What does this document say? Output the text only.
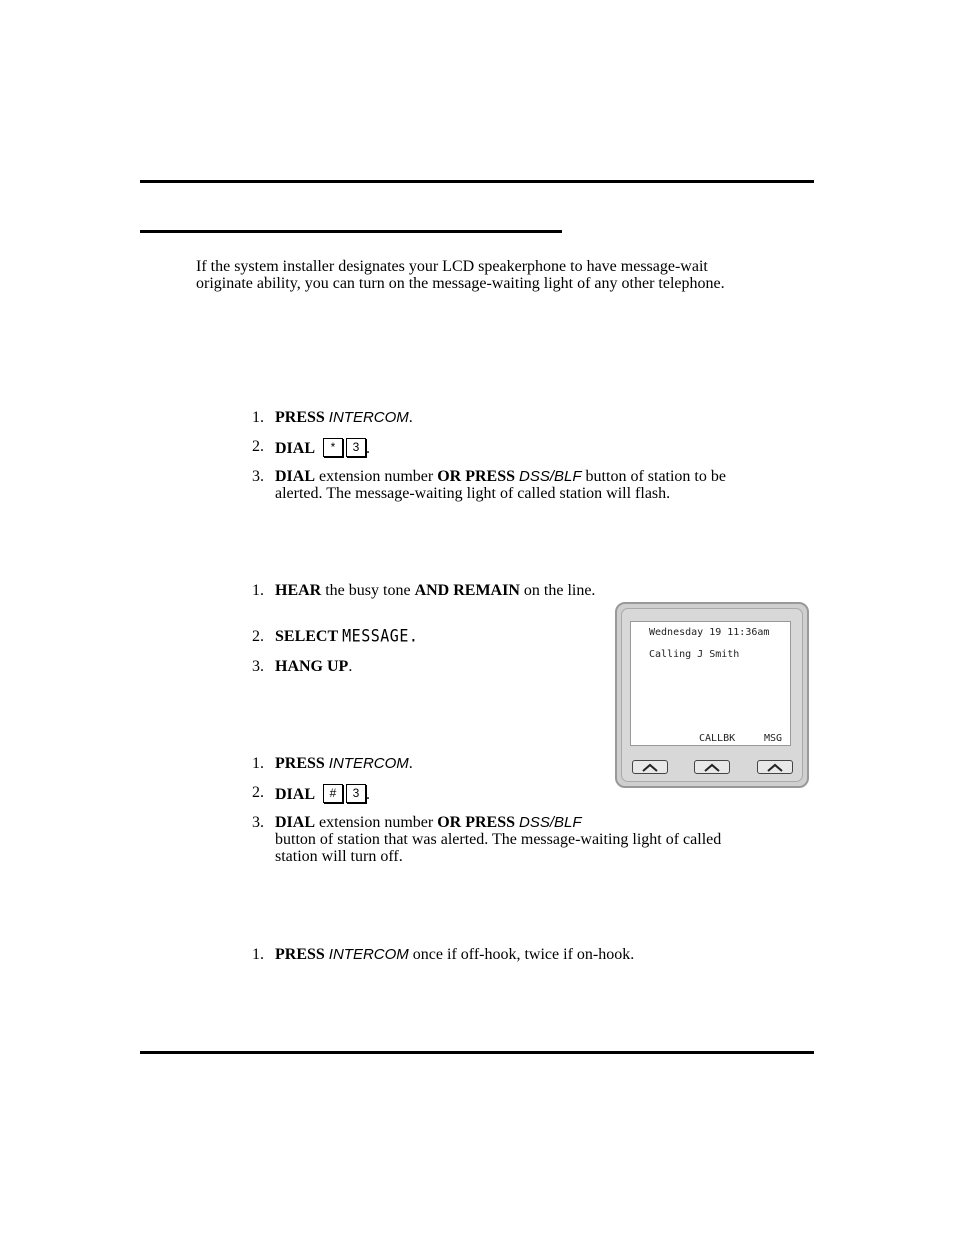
If the system installer designates your LCD speakerphone to have message-wait originate ability, you can turn on the message-waiting light of any other telephone.
1. PRESS INTERCOM.
2. DIAL * 3 .
3. DIAL extension number OR PRESS DSS/BLF button of station to be alerted. The message-waiting light of called station will flash.
1. HEAR the busy tone AND REMAIN on the line.
2. SELECT MESSAGE.
3. HANG UP.
1. PRESS INTERCOM.
2. DIAL # 3 .
3. DIAL extension number OR PRESS DSS/BLF
button of station that was alerted. The message-waiting light of called station will turn off.
1. PRESS INTERCOM once if off-hook, twice if on-hook.
Wednesday 19 11:36am
Calling J Smith
CALLBK	MSG
